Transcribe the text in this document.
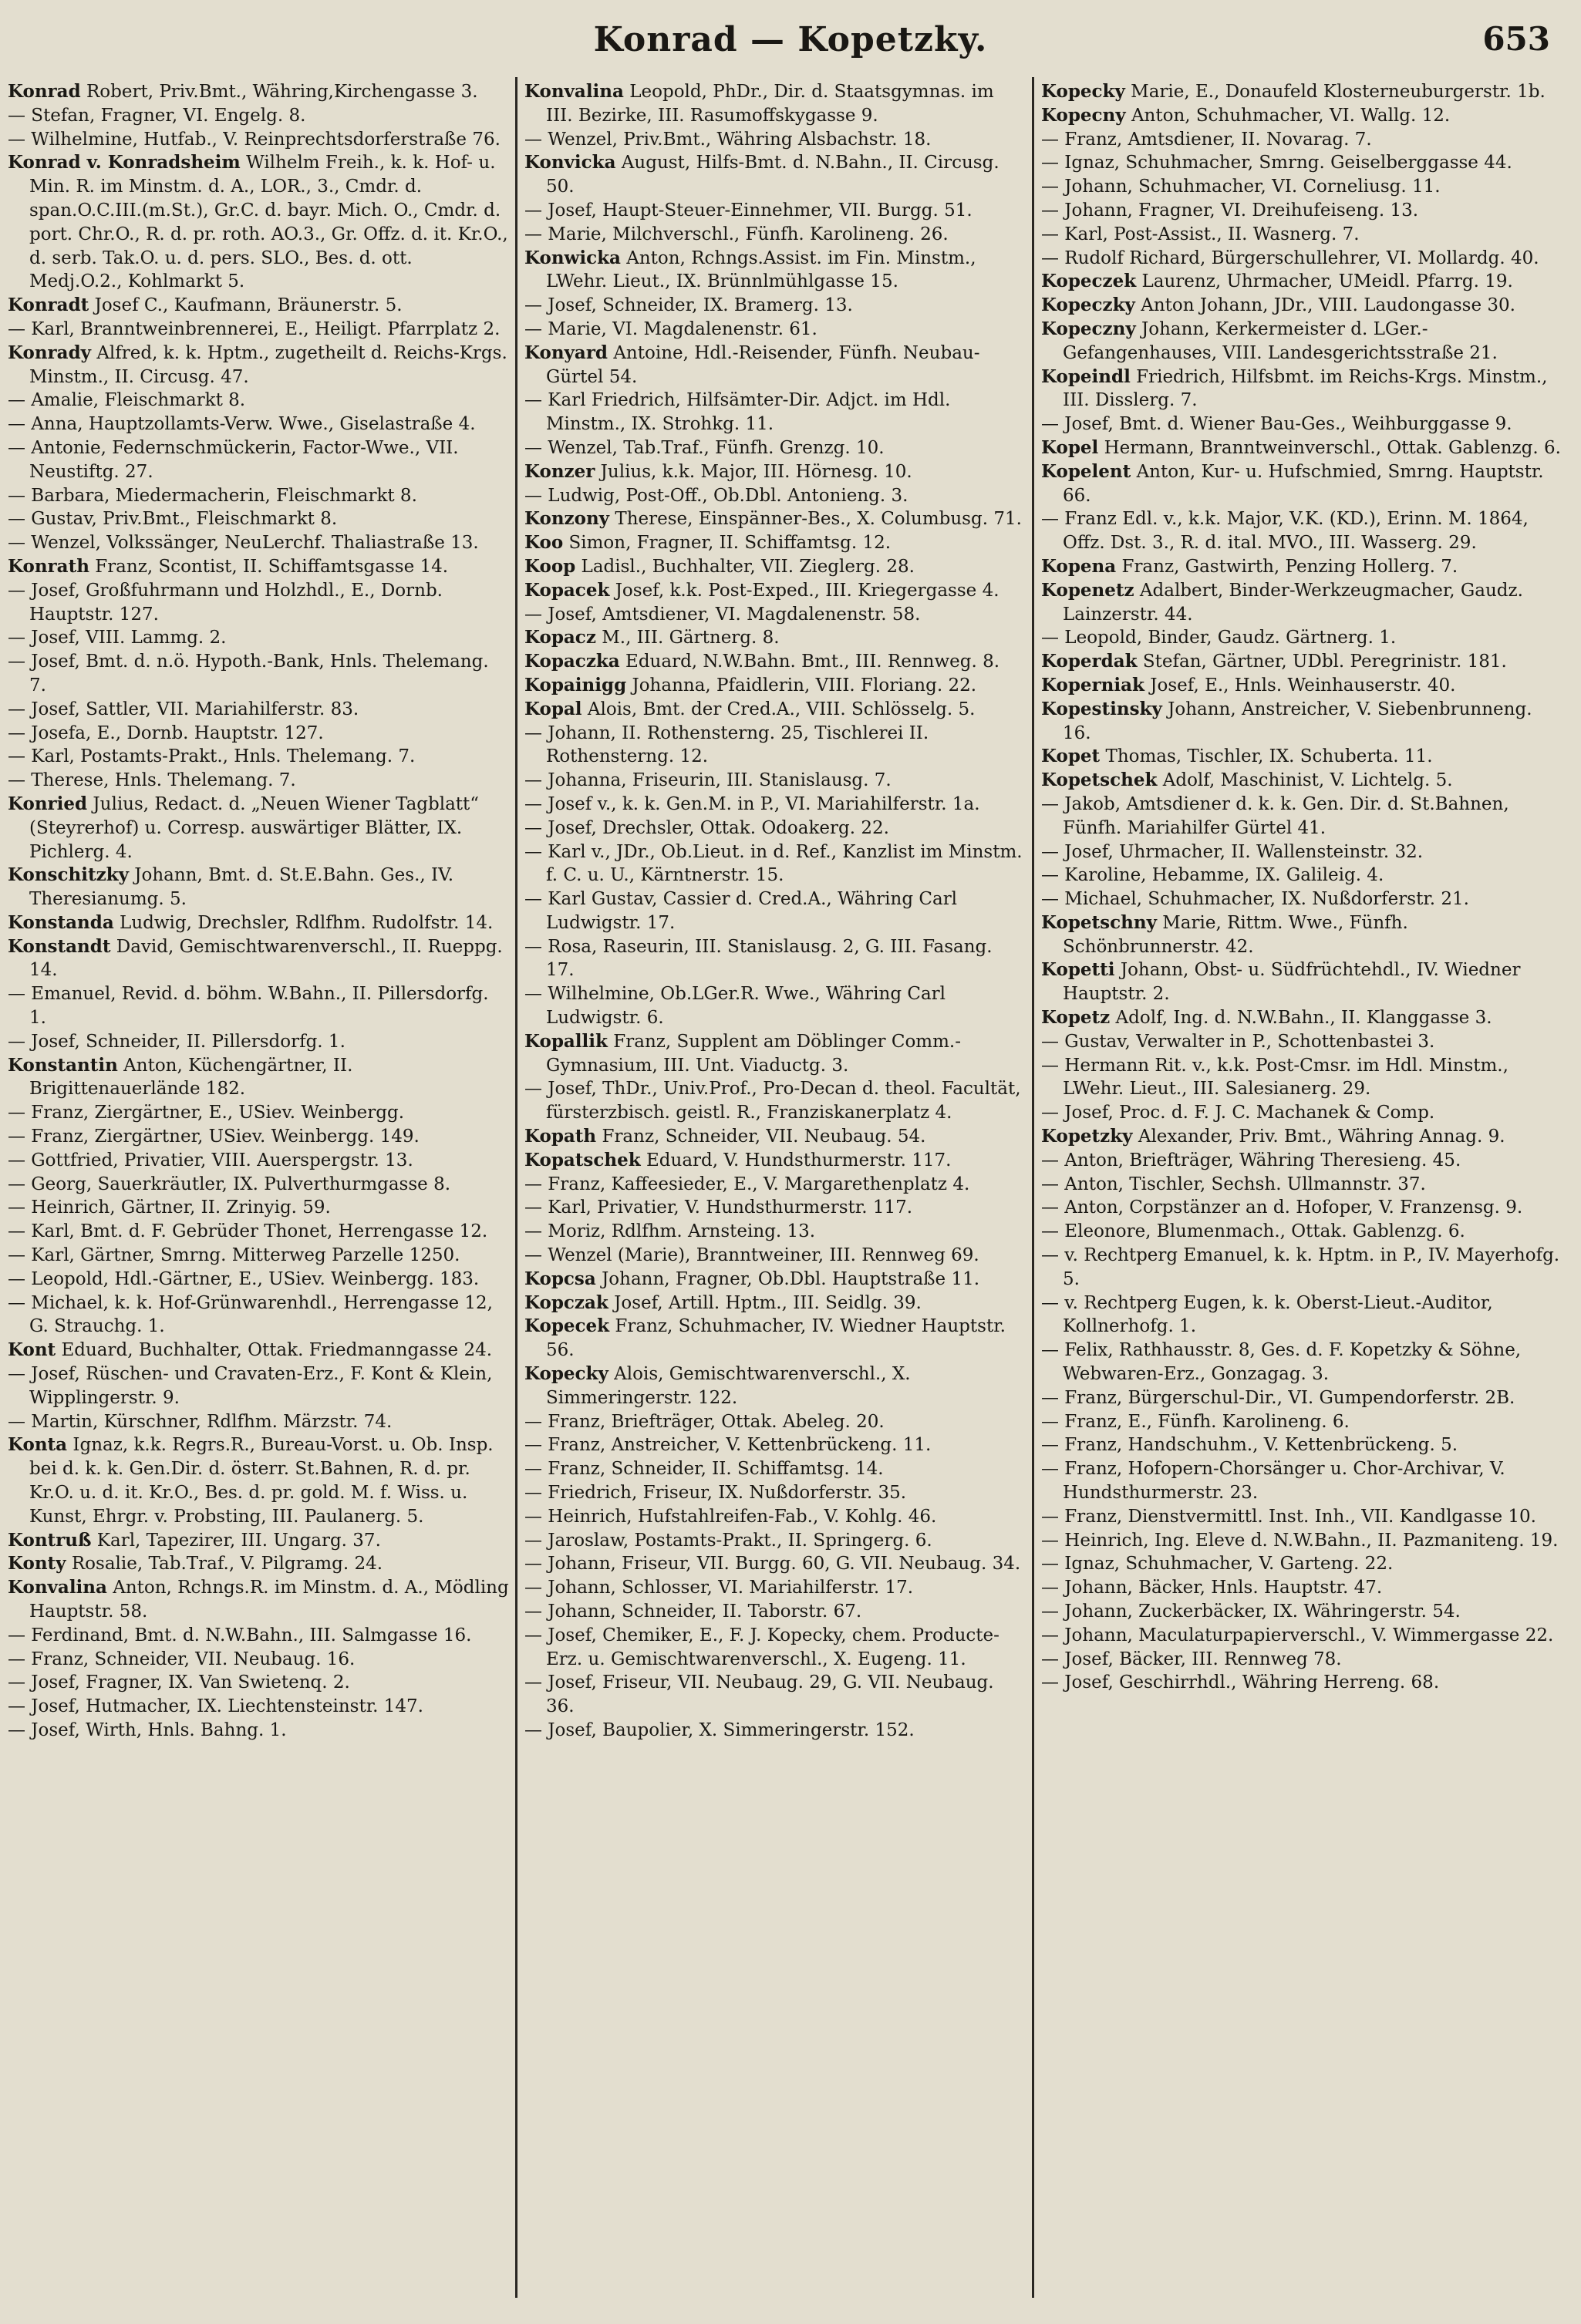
Konrad — Kopetzky.	653

Konrad Robert, Priv.Bmt., Währing,Kirchengasse 3.

— Stefan, Fragner, VI. Engelg. 8.

— Wilhelmine, Hutfab., V. Reinprechtsdorferstraße 76.

Konrad v. Konradsheim Wilhelm Freih., k. k. Hof- u. Min. R. im Minstm. d. A., LOR., 3., Cmdr. d. span.O.C.III.(m.St.), Gr.C. d. bayr. Mich. O., Cmdr. d. port. Chr.O., R. d. pr. roth. AO.3., Gr. Offz. d. it. Kr.O., d. serb. Tak.O. u. d. pers. SLO., Bes. d. ott. Medj.O.2., Kohlmarkt 5.

Konradt Josef C., Kaufmann, Bräunerstr. 5.

— Karl, Branntweinbrennerei, E., Heiligt. Pfarrplatz 2.

Konrady Alfred, k. k. Hptm., zugetheilt d. Reichs-Krgs. Minstm., II. Circusg. 47.

— Amalie, Fleischmarkt 8.

— Anna, Hauptzollamts-Verw. Wwe., Giselastraße 4.

— Antonie, Federnschmückerin, Factor-Wwe., VII. Neustiftg. 27.

— Barbara, Miedermacherin, Fleischmarkt 8.

— Gustav, Priv.Bmt., Fleischmarkt 8.

— Wenzel, Volkssänger, NeuLerchf. Thaliastraße 13.

Konrath Franz, Scontist, II. Schiffamtsgasse 14.

— Josef, Großfuhrmann und Holzhdl., E., Dornb. Hauptstr. 127.

— Josef, VIII. Lammg. 2.

— Josef, Bmt. d. n.ö. Hypoth.-Bank, Hnls. Thelemang. 7.

— Josef, Sattler, VII. Mariahilferstr. 83.

— Josefa, E., Dornb. Hauptstr. 127.

— Karl, Postamts-Prakt., Hnls. Thelemang. 7.

— Therese, Hnls. Thelemang. 7.

Konried Julius, Redact. d. „Neuen Wiener Tagblatt“ (Steyrerhof) u. Corresp. auswärtiger Blätter, IX. Pichlerg. 4.

Konschitzky Johann, Bmt. d. St.E.Bahn. Ges., IV. Theresianumg. 5.

Konstanda Ludwig, Drechsler, Rdlfhm. Rudolfstr. 14.

Konstandt David, Gemischtwarenverschl., II. Rueppg. 14.

— Emanuel, Revid. d. böhm. W.Bahn., II. Pillersdorfg. 1.

— Josef, Schneider, II. Pillersdorfg. 1.

Konstantin Anton, Küchengärtner, II. Brigittenauerlände 182.

— Franz, Ziergärtner, E., USiev. Weinbergg.

— Franz, Ziergärtner, USiev. Weinbergg. 149.

— Gottfried, Privatier, VIII. Auerspergstr. 13.

— Georg, Sauerkräutler, IX. Pulverthurmgasse 8.

— Heinrich, Gärtner, II. Zrinyig. 59.

— Karl, Bmt. d. F. Gebrüder Thonet, Herrengasse 12.

— Karl, Gärtner, Smrng. Mitterweg Parzelle 1250.

— Leopold, Hdl.-Gärtner, E., USiev. Weinbergg. 183.

— Michael, k. k. Hof-Grünwarenhdl., Herrengasse 12, G. Strauchg. 1.

Kont Eduard, Buchhalter, Ottak. Friedmanngasse 24.

— Josef, Rüschen- und Cravaten-Erz., F. Kont & Klein, Wipplingerstr. 9.

— Martin, Kürschner, Rdlfhm. Märzstr. 74.

Konta Ignaz, k.k. Regrs.R., Bureau-Vorst. u. Ob. Insp. bei d. k. k. Gen.Dir. d. österr. St.Bahnen, R. d. pr. Kr.O. u. d. it. Kr.O., Bes. d. pr. gold. M. f. Wiss. u. Kunst, Ehrgr. v. Probsting, III. Paulanerg. 5.

Kontruß Karl, Tapezirer, III. Ungarg. 37.

Konty Rosalie, Tab.Traf., V. Pilgramg. 24.

Konvalina Anton, Rchngs.R. im Minstm. d. A., Mödling Hauptstr. 58.

— Ferdinand, Bmt. d. N.W.Bahn., III. Salmgasse 16.

— Franz, Schneider, VII. Neubaug. 16.

— Josef, Fragner, IX. Van Swietenq. 2.

— Josef, Hutmacher, IX. Liechtensteinstr. 147.

— Josef, Wirth, Hnls. Bahng. 1.

Konvalina Leopold, PhDr., Dir. d. Staatsgymnas. im III. Bezirke, III. Rasumoffskygasse 9.

— Wenzel, Priv.Bmt., Währing Alsbachstr. 18.

Konvicka August, Hilfs-Bmt. d. N.Bahn., II. Circusg. 50.

— Josef, Haupt-Steuer-Einnehmer, VII. Burgg. 51.

— Marie, Milchverschl., Fünfh. Karolineng. 26.

Konwicka Anton, Rchngs.Assist. im Fin. Minstm., LWehr. Lieut., IX. Brünnlmühlgasse 15.

— Josef, Schneider, IX. Bramerg. 13.

— Marie, VI. Magdalenenstr. 61.

Konyard Antoine, Hdl.-Reisender, Fünfh. Neubau-Gürtel 54.

— Karl Friedrich, Hilfsämter-Dir. Adjct. im Hdl. Minstm., IX. Strohkg. 11.

— Wenzel, Tab.Traf., Fünfh. Grenzg. 10.

Konzer Julius, k.k. Major, III. Hörnesg. 10.

— Ludwig, Post-Off., Ob.Dbl. Antonieng. 3.

Konzony Therese, Einspänner-Bes., X. Columbusg. 71.

Koo Simon, Fragner, II. Schiffamtsg. 12.

Koop Ladisl., Buchhalter, VII. Zieglerg. 28.

Kopacek Josef, k.k. Post-Exped., III. Kriegergasse 4.

— Josef, Amtsdiener, VI. Magdalenenstr. 58.

Kopacz M., III. Gärtnerg. 8.

Kopaczka Eduard, N.W.Bahn. Bmt., III. Rennweg. 8.

Kopainigg Johanna, Pfaidlerin, VIII. Floriang. 22.

Kopal Alois, Bmt. der Cred.A., VIII. Schlösselg. 5.

— Johann, II. Rothensterng. 25, Tischlerei II. Rothensterng. 12.

— Johanna, Friseurin, III. Stanislausg. 7.

— Josef v., k. k. Gen.M. in P., VI. Mariahilferstr. 1a.

— Josef, Drechsler, Ottak. Odoakerg. 22.

— Karl v., JDr., Ob.Lieut. in d. Ref., Kanzlist im Minstm. f. C. u. U., Kärntnerstr. 15.

— Karl Gustav, Cassier d. Cred.A., Währing Carl Ludwigstr. 17.

— Rosa, Raseurin, III. Stanislausg. 2, G. III. Fasang. 17.

— Wilhelmine, Ob.LGer.R. Wwe., Währing Carl Ludwigstr. 6.

Kopallik Franz, Supplent am Döblinger Comm.-Gymnasium, III. Unt. Viaductg. 3.

— Josef, ThDr., Univ.Prof., Pro-Decan d. theol. Facultät, fürsterzbisch. geistl. R., Franziskanerplatz 4.

Kopath Franz, Schneider, VII. Neubaug. 54.

Kopatschek Eduard, V. Hundsthurmerstr. 117.

— Franz, Kaffeesieder, E., V. Margarethenplatz 4.

— Karl, Privatier, V. Hundsthurmerstr. 117.

— Moriz, Rdlfhm. Arnsteing. 13.

— Wenzel (Marie), Branntweiner, III. Rennweg 69.

Kopcsa Johann, Fragner, Ob.Dbl. Hauptstraße 11.

Kopczak Josef, Artill. Hptm., III. Seidlg. 39.

Kopecek Franz, Schuhmacher, IV. Wiedner Hauptstr. 56.

Kopecky Alois, Gemischtwarenverschl., X. Simmeringerstr. 122.

— Franz, Briefträger, Ottak. Abeleg. 20.

— Franz, Anstreicher, V. Kettenbrückeng. 11.

— Franz, Schneider, II. Schiffamtsg. 14.

— Friedrich, Friseur, IX. Nußdorferstr. 35.

— Heinrich, Hufstahlreifen-Fab., V. Kohlg. 46.

— Jaroslaw, Postamts-Prakt., II. Springerg. 6.

— Johann, Friseur, VII. Burgg. 60, G. VII. Neubaug. 34.

— Johann, Schlosser, VI. Mariahilferstr. 17.

— Johann, Schneider, II. Taborstr. 67.

— Josef, Chemiker, E., F. J. Kopecky, chem. Producte-Erz. u. Gemischtwarenverschl., X. Eugeng. 11.

— Josef, Friseur, VII. Neubaug. 29, G. VII. Neubaug. 36.

— Josef, Baupolier, X. Simmeringerstr. 152.

Kopecky Marie, E., Donaufeld Klosterneuburgerstr. 1b.

Kopecny Anton, Schuhmacher, VI. Wallg. 12.

— Franz, Amtsdiener, II. Novarag. 7.

— Ignaz, Schuhmacher, Smrng. Geiselberggasse 44.

— Johann, Schuhmacher, VI. Corneliusg. 11.

— Johann, Fragner, VI. Dreihufeiseng. 13.

— Karl, Post-Assist., II. Wasnerg. 7.

— Rudolf Richard, Bürgerschullehrer, VI. Mollardg. 40.

Kopeczek Laurenz, Uhrmacher, UMeidl. Pfarrg. 19.

Kopeczky Anton Johann, JDr., VIII. Laudongasse 30.

Kopeczny Johann, Kerkermeister d. LGer.-Gefangenhauses, VIII. Landesgerichtsstraße 21.

Kopeindl Friedrich, Hilfsbmt. im Reichs-Krgs. Minstm., III. Disslerg. 7.

— Josef, Bmt. d. Wiener Bau-Ges., Weihburggasse 9.

Kopel Hermann, Branntweinverschl., Ottak. Gablenzg. 6.

Kopelent Anton, Kur- u. Hufschmied, Smrng. Hauptstr. 66.

— Franz Edl. v., k.k. Major, V.K. (KD.), Erinn. M. 1864, Offz. Dst. 3., R. d. ital. MVO., III. Wasserg. 29.

Kopena Franz, Gastwirth, Penzing Hollerg. 7.

Kopenetz Adalbert, Binder-Werkzeugmacher, Gaudz. Lainzerstr. 44.

— Leopold, Binder, Gaudz. Gärtnerg. 1.

Koperdak Stefan, Gärtner, UDbl. Peregrinistr. 181.

Koperniak Josef, E., Hnls. Weinhauserstr. 40.

Kopestinsky Johann, Anstreicher, V. Siebenbrunneng. 16.

Kopet Thomas, Tischler, IX. Schuberta. 11.

Kopetschek Adolf, Maschinist, V. Lichtelg. 5.

— Jakob, Amtsdiener d. k. k. Gen. Dir. d. St.Bahnen, Fünfh. Mariahilfer Gürtel 41.

— Josef, Uhrmacher, II. Wallensteinstr. 32.

— Karoline, Hebamme, IX. Galileig. 4.

— Michael, Schuhmacher, IX. Nußdorferstr. 21.

Kopetschny Marie, Rittm. Wwe., Fünfh. Schönbrunnerstr. 42.

Kopetti Johann, Obst- u. Südfrüchtehdl., IV. Wiedner Hauptstr. 2.

Kopetz Adolf, Ing. d. N.W.Bahn., II. Klanggasse 3.

— Gustav, Verwalter in P., Schottenbastei 3.

— Hermann Rit. v., k.k. Post-Cmsr. im Hdl. Minstm., LWehr. Lieut., III. Salesianerg. 29.

— Josef, Proc. d. F. J. C. Machanek & Comp.

Kopetzky Alexander, Priv. Bmt., Währing Annag. 9.

— Anton, Briefträger, Währing Theresieng. 45.

— Anton, Tischler, Sechsh. Ullmannstr. 37.

— Anton, Corpstänzer an d. Hofoper, V. Franzensg. 9.

— Eleonore, Blumenmach., Ottak. Gablenzg. 6.

— v. Rechtperg Emanuel, k. k. Hptm. in P., IV. Mayerhofg. 5.

— v. Rechtperg Eugen, k. k. Oberst-Lieut.-Auditor, Kollnerhofg. 1.

— Felix, Rathhausstr. 8, Ges. d. F. Kopetzky & Söhne, Webwaren-Erz., Gonzagag. 3.

— Franz, Bürgerschul-Dir., VI. Gumpendorferstr. 2B.

— Franz, E., Fünfh. Karolineng. 6.

— Franz, Handschuhm., V. Kettenbrückeng. 5.

— Franz, Hofopern-Chorsänger u. Chor-Archivar, V. Hundsthurmerstr. 23.

— Franz, Dienstvermittl. Inst. Inh., VII. Kandlgasse 10.

— Heinrich, Ing. Eleve d. N.W.Bahn., II. Pazmaniteng. 19.

— Ignaz, Schuhmacher, V. Garteng. 22.

— Johann, Bäcker, Hnls. Hauptstr. 47.

— Johann, Zuckerbäcker, IX. Währingerstr. 54.

— Johann, Maculaturpapierverschl., V. Wimmergasse 22.

— Josef, Bäcker, III. Rennweg 78.

— Josef, Geschirrhdl., Währing Herreng. 68.
